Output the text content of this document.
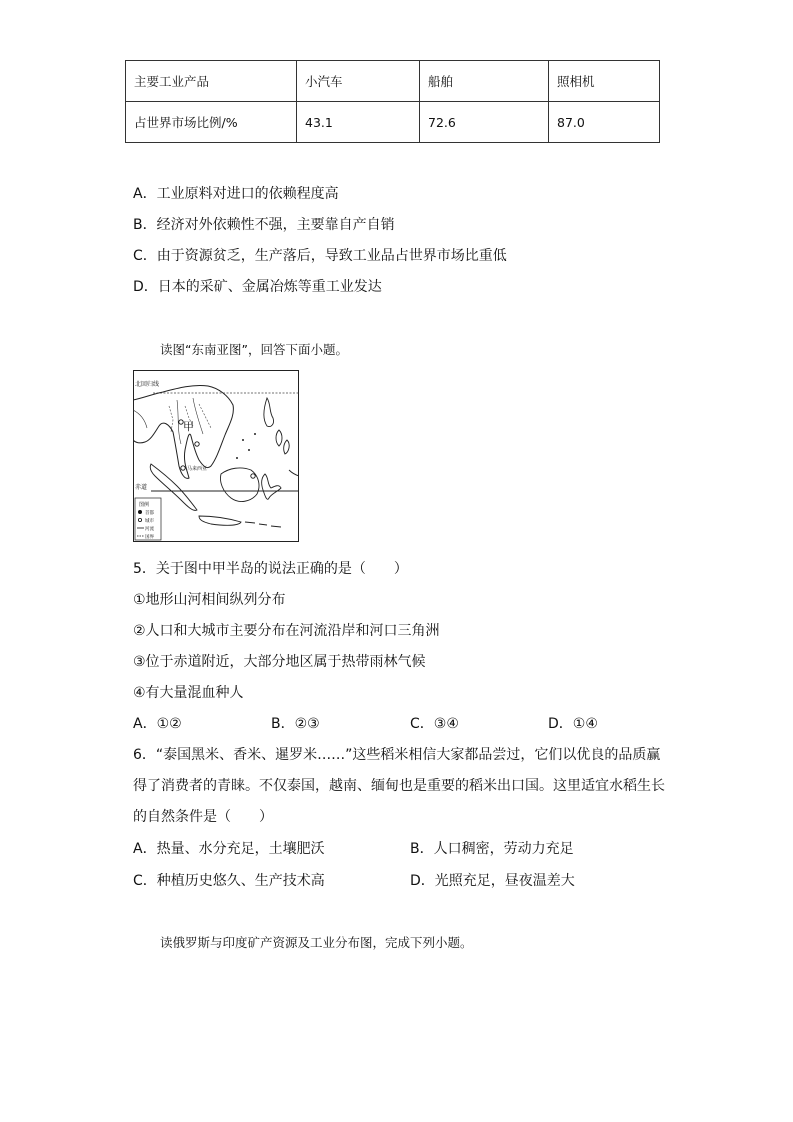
主要工业产品	小汽车	船舶	照相机
占世界市场比例/%	43.1	72.6	87.0
A．工业原料对进口的依赖程度高
B．经济对外依赖性不强，主要靠自产自销
C．由于资源贫乏，生产落后，导致工业品占世界市场比重低
D．日本的采矿、金属冶炼等重工业发达
读图“东南亚图”，回答下面小题。
北回归线
甲
马来西亚
赤道
图例
首都
城市
河流
国界
5．关于图中甲半岛的说法正确的是（　　）
①地形山河相间纵列分布
②人口和大城市主要分布在河流沿岸和河口三角洲
③位于赤道附近，大部分地区属于热带雨林气候
④有大量混血种人
A．①②	B．②③	C．③④	D．①④
6．“泰国黑米、香米、暹罗米……”这些稻米相信大家都品尝过，它们以优良的品质赢
得了消费者的青睐。不仅泰国，越南、缅甸也是重要的稻米出口国。这里适宜水稻生长
的自然条件是（　　）
A．热量、水分充足，土壤肥沃	B．人口稠密，劳动力充足
C．种植历史悠久、生产技术高	D．光照充足，昼夜温差大
读俄罗斯与印度矿产资源及工业分布图，完成下列小题。
